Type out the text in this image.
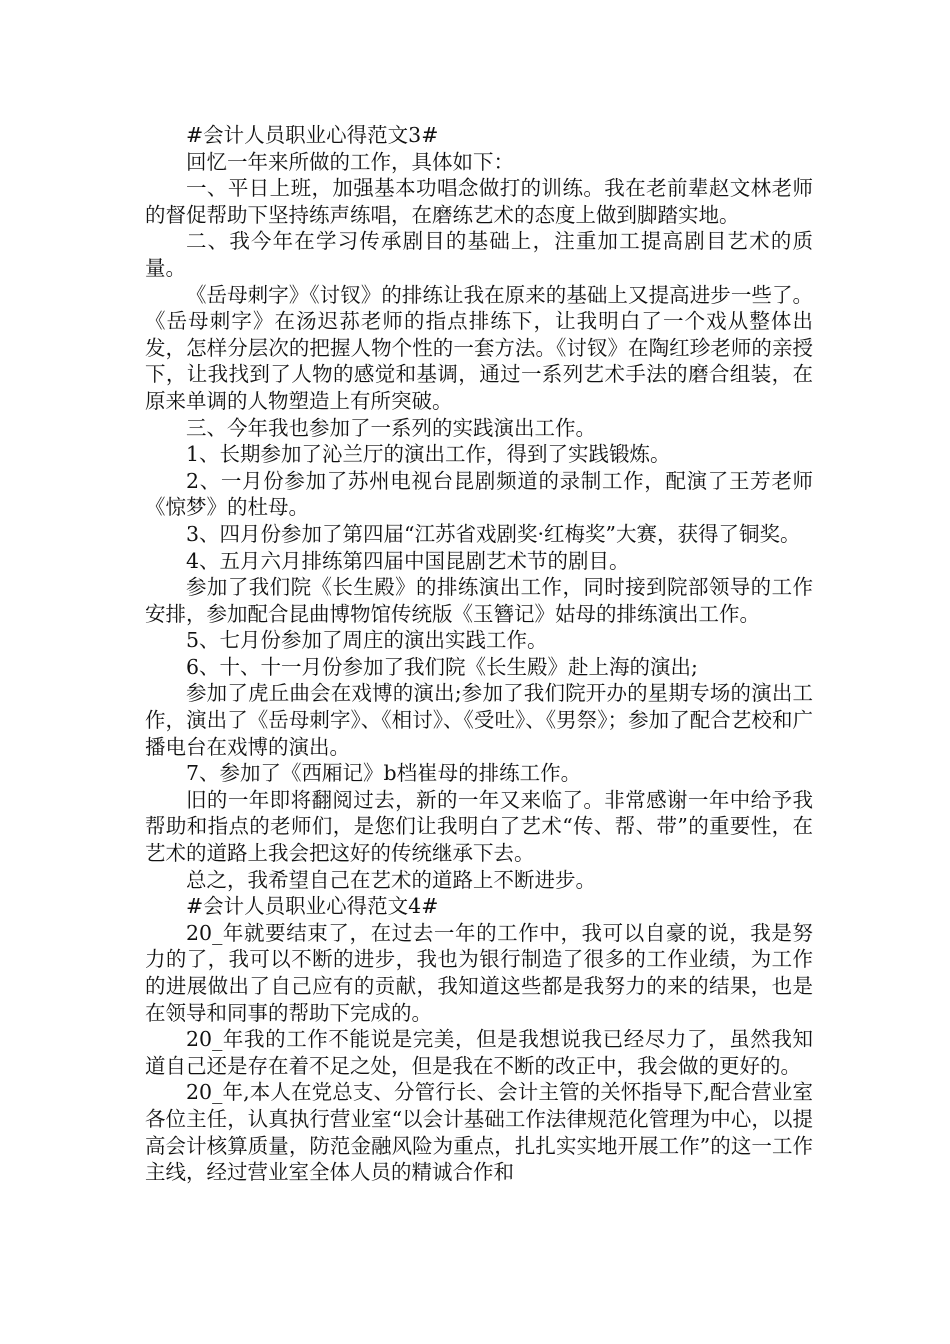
#会计人员职业心得范文3#

回忆一年来所做的工作，具体如下：

一、平日上班，加强基本功唱念做打的训练。我在老前辈赵文林老师的督促帮助下坚持练声练唱，在磨练艺术的态度上做到脚踏实地。

二、我今年在学习传承剧目的基础上，注重加工提高剧目艺术的质量。

《岳母刺字》《讨钗》的排练让我在原来的基础上又提高进步一些了。《岳母刺字》在汤迟荪老师的指点排练下，让我明白了一个戏从整体出发，怎样分层次的把握人物个性的一套方法。《讨钗》在陶红珍老师的亲授下，让我找到了人物的感觉和基调，通过一系列艺术手法的磨合组装，在原来单调的人物塑造上有所突破。

三、今年我也参加了一系列的实践演出工作。

1、长期参加了沁兰厅的演出工作，得到了实践锻炼。

2、一月份参加了苏州电视台昆剧频道的录制工作，配演了王芳老师《惊梦》的杜母。

3、四月份参加了第四届“江苏省戏剧奖·红梅奖”大赛，获得了铜奖。

4、五月六月排练第四届中国昆剧艺术节的剧目。

参加了我们院《长生殿》的排练演出工作，同时接到院部领导的工作安排，参加配合昆曲博物馆传统版《玉簪记》姑母的排练演出工作。

5、七月份参加了周庄的演出实践工作。

6、十、十一月份参加了我们院《长生殿》赴上海的演出;

参加了虎丘曲会在戏博的演出;参加了我们院开办的星期专场的演出工作，演出了《岳母刺字》、《相讨》、《受吐》、《男祭》；参加了配合艺校和广播电台在戏博的演出。

7、参加了《西厢记》b档崔母的排练工作。

旧的一年即将翻阅过去，新的一年又来临了。非常感谢一年中给予我帮助和指点的老师们，是您们让我明白了艺术“传、帮、带”的重要性，在艺术的道路上我会把这好的传统继承下去。

总之，我希望自己在艺术的道路上不断进步。

#会计人员职业心得范文4#

20_年就要结束了，在过去一年的工作中，我可以自豪的说，我是努力的了，我可以不断的进步，我也为银行制造了很多的工作业绩，为工作的进展做出了自己应有的贡献，我知道这些都是我努力的来的结果，也是在领导和同事的帮助下完成的。

20_年我的工作不能说是完美，但是我想说我已经尽力了，虽然我知道自己还是存在着不足之处，但是我在不断的改正中，我会做的更好的。

20_年,本人在党总支、分管行长、会计主管的关怀指导下,配合营业室各位主任，认真执行营业室“以会计基础工作法律规范化管理为中心，以提高会计核算质量，防范金融风险为重点，扎扎实实地开展工作”的这一工作主线，经过营业室全体人员的精诚合作和
